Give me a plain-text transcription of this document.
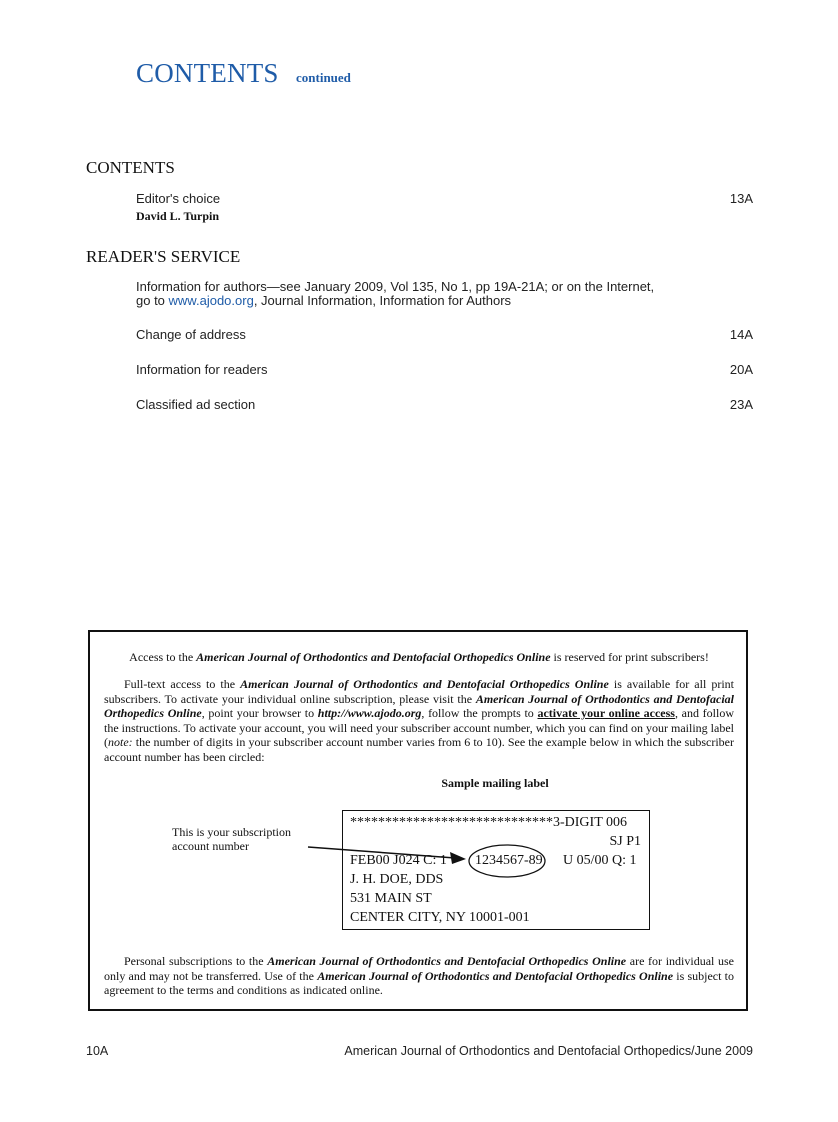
CONTENTS continued
CONTENTS
Editor's choice	13A
David L. Turpin
READER'S SERVICE
Information for authors—see January 2009, Vol 135, No 1, pp 19A-21A; or on the Internet,
go to www.ajodo.org, Journal Information, Information for Authors
Change of address	14A
Information for readers	20A
Classified ad section	23A
Access to the American Journal of Orthodontics and Dentofacial Orthopedics Online is reserved for print subscribers!
Full-text access to the American Journal of Orthodontics and Dentofacial Orthopedics Online is available for all print subscribers. To activate your individual online subscription, please visit the American Journal of Orthodontics and Dentofacial Orthopedics Online, point your browser to http://www.ajodo.org, follow the prompts to activate your online access, and follow the instructions. To activate your account, you will need your subscriber account number, which you can find on your mailing label (note: the number of digits in your subscriber account number varies from 6 to 10). See the example below in which the subscriber account number has been circled:
Sample mailing label
This is your subscription
account number
*****************************3-DIGIT 006
SJ P1
FEB00 J024 C: 1 1234567-89 U 05/00 Q: 1
J. H. DOE, DDS
531 MAIN ST
CENTER CITY, NY 10001-001
Personal subscriptions to the American Journal of Orthodontics and Dentofacial Orthopedics Online are for individual use only and may not be transferred. Use of the American Journal of Orthodontics and Dentofacial Orthopedics Online is subject to agreement to the terms and conditions as indicated online.
10A	American Journal of Orthodontics and Dentofacial Orthopedics/June 2009
